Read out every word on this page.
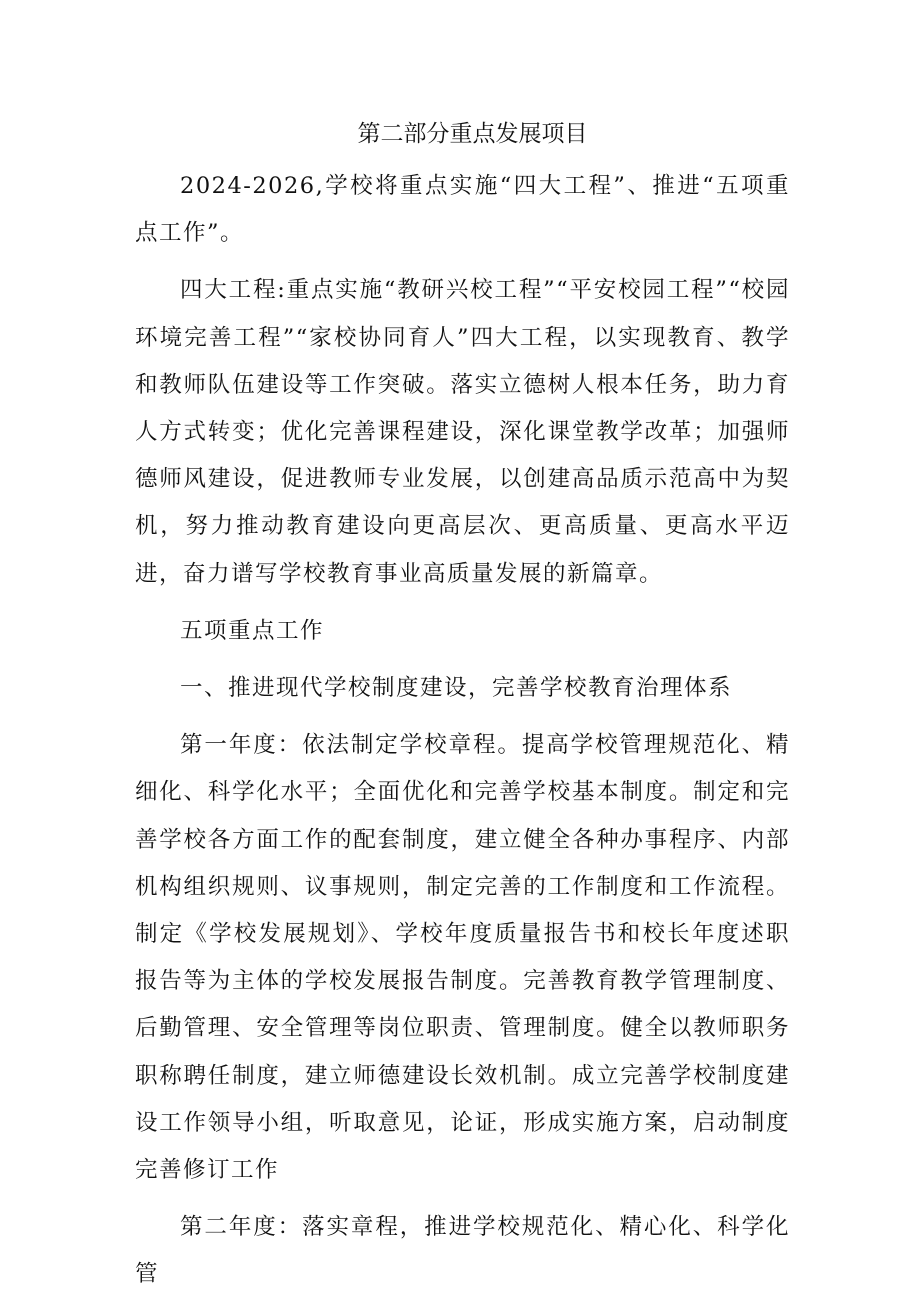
第二部分重点发展项目

2024-2026,学校将重点实施“四大工程”、推进“五项重点工作”。

四大工程:重点实施“教研兴校工程”“平安校园工程”“校园环境完善工程”“家校协同育人”四大工程，以实现教育、教学和教师队伍建设等工作突破。落实立德树人根本任务，助力育人方式转变；优化完善课程建设，深化课堂教学改革；加强师德师风建设，促进教师专业发展，以创建高品质示范高中为契机，努力推动教育建设向更高层次、更高质量、更高水平迈进，奋力谱写学校教育事业高质量发展的新篇章。

五项重点工作

一、推进现代学校制度建设，完善学校教育治理体系

第一年度：依法制定学校章程。提高学校管理规范化、精细化、科学化水平；全面优化和完善学校基本制度。制定和完善学校各方面工作的配套制度，建立健全各种办事程序、内部机构组织规则、议事规则，制定完善的工作制度和工作流程。制定《学校发展规划》、学校年度质量报告书和校长年度述职报告等为主体的学校发展报告制度。完善教育教学管理制度、后勤管理、安全管理等岗位职责、管理制度。健全以教师职务职称聘任制度，建立师德建设长效机制。成立完善学校制度建设工作领导小组，听取意见，论证，形成实施方案，启动制度完善修订工作

第二年度：落实章程，推进学校规范化、精心化、科学化管
